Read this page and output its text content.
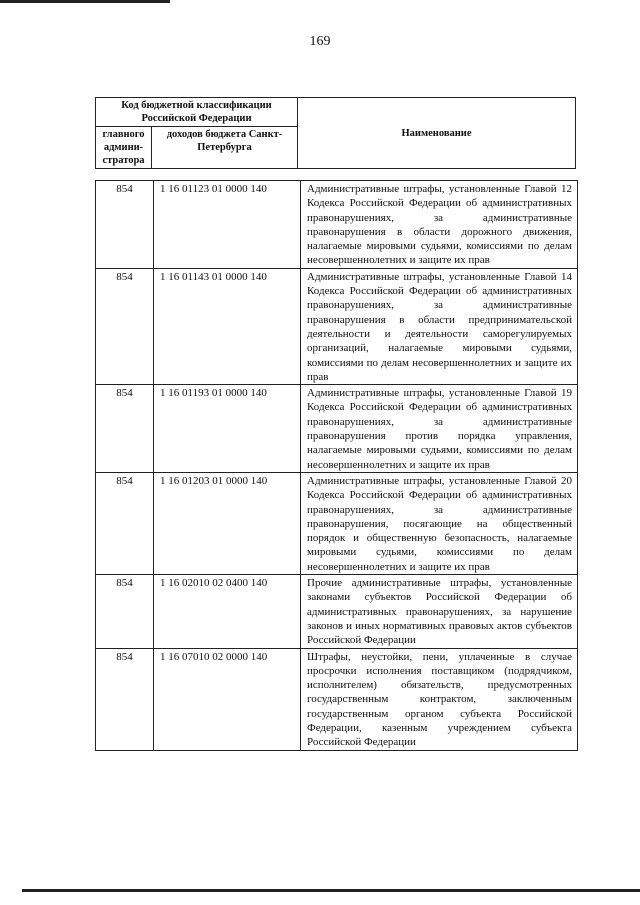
169
Код бюджетной классификации Российской Федерации		Наименование
главного админи-стратора	доходов бюджета Санкт-Петербурга	
854	1 16 01123 01 0000 140	Административные штрафы, установленные Главой 12 Кодекса Российской Федерации об административных правонарушениях, за административные правонарушения в области дорожного движения, налагаемые мировыми судьями, комиссиями по делам несовершеннолетних и защите их прав
854	1 16 01143 01 0000 140	Административные штрафы, установленные Главой 14 Кодекса Российской Федерации об административных правонарушениях, за административные правонарушения в области предпринимательской деятельности и деятельности саморегулируемых организаций, налагаемые мировыми судьями, комиссиями по делам несовершеннолетних и защите их прав
854	1 16 01193 01 0000 140	Административные штрафы, установленные Главой 19 Кодекса Российской Федерации об административных правонарушениях, за административные правонарушения против порядка управления, налагаемые мировыми судьями, комиссиями по делам несовершеннолетних и защите их прав
854	1 16 01203 01 0000 140	Административные штрафы, установленные Главой 20 Кодекса Российской Федерации об административных правонарушениях, за административные правонарушения, посягающие на общественный порядок и общественную безопасность, налагаемые мировыми судьями, комиссиями по делам несовершеннолетних и защите их прав
854	1 16 02010 02 0400 140	Прочие административные штрафы, установленные законами субъектов Российской Федерации об административных правонарушениях, за нарушение законов и иных нормативных правовых актов субъектов Российской Федерации
854	1 16 07010 02 0000 140	Штрафы, неустойки, пени, уплаченные в случае просрочки исполнения поставщиком (подрядчиком, исполнителем) обязательств, предусмотренных государственным контрактом, заключенным государственным органом субъекта Российской Федерации, казенным учреждением субъекта Российской Федерации
